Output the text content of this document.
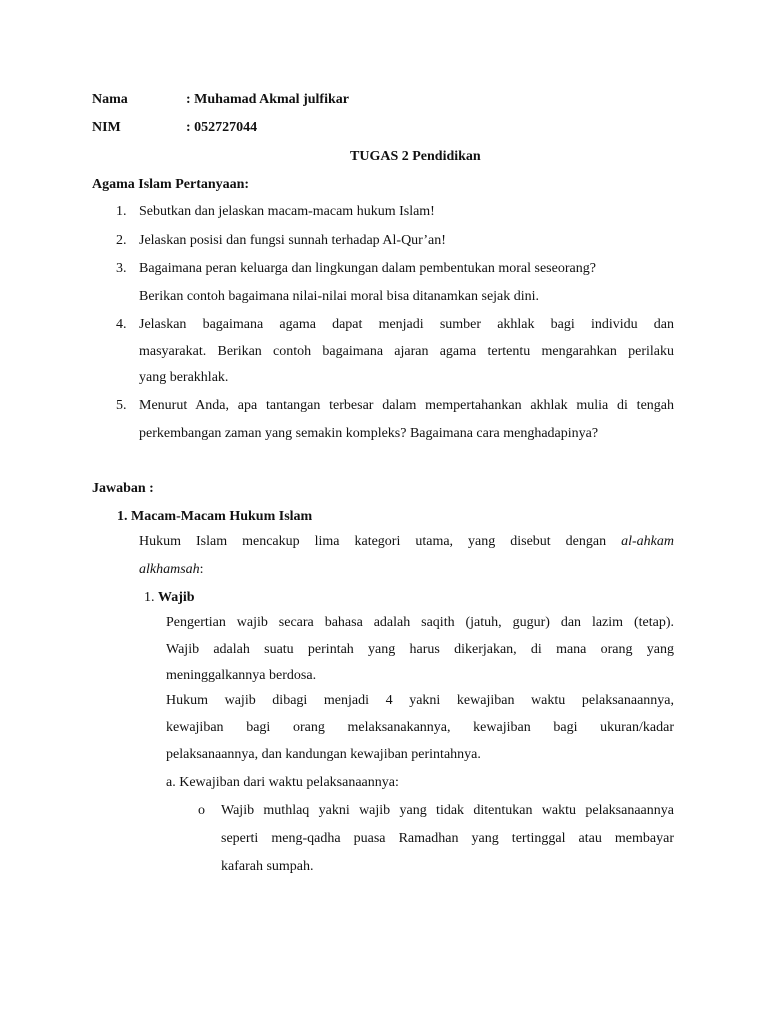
Nama	: Muhamad Akmal julfikar
NIM	: 052727044
TUGAS 2 Pendidikan
Agama Islam Pertanyaan:
1. Sebutkan dan jelaskan macam-macam hukum Islam!
2. Jelaskan posisi dan fungsi sunnah terhadap Al-Qur’an!
3. Bagaimana peran keluarga dan lingkungan dalam pembentukan moral seseorang?
Berikan contoh bagaimana nilai-nilai moral bisa ditanamkan sejak dini.
4. Jelaskan bagaimana agama dapat menjadi sumber akhlak bagi individu dan
masyarakat. Berikan contoh bagaimana ajaran agama tertentu mengarahkan perilaku
yang berakhlak.
5. Menurut Anda, apa tantangan terbesar dalam mempertahankan akhlak mulia di tengah
perkembangan zaman yang semakin kompleks? Bagaimana cara menghadapinya?
Jawaban :
1. Macam-Macam Hukum Islam
Hukum Islam mencakup lima kategori utama, yang disebut dengan al-ahkam
alkhamsah:
1. Wajib
Pengertian wajib secara bahasa adalah saqith (jatuh, gugur) dan lazim (tetap).
Wajib adalah suatu perintah yang harus dikerjakan, di mana orang yang
meninggalkannya berdosa.
Hukum wajib dibagi menjadi 4 yakni kewajiban waktu pelaksanaannya,
kewajiban bagi orang melaksanakannya, kewajiban bagi ukuran/kadar
pelaksanaannya, dan kandungan kewajiban perintahnya.
a. Kewajiban dari waktu pelaksanaannya:
o Wajib muthlaq yakni wajib yang tidak ditentukan waktu pelaksanaannya
seperti meng-qadha puasa Ramadhan yang tertinggal atau membayar
kafarah sumpah.
